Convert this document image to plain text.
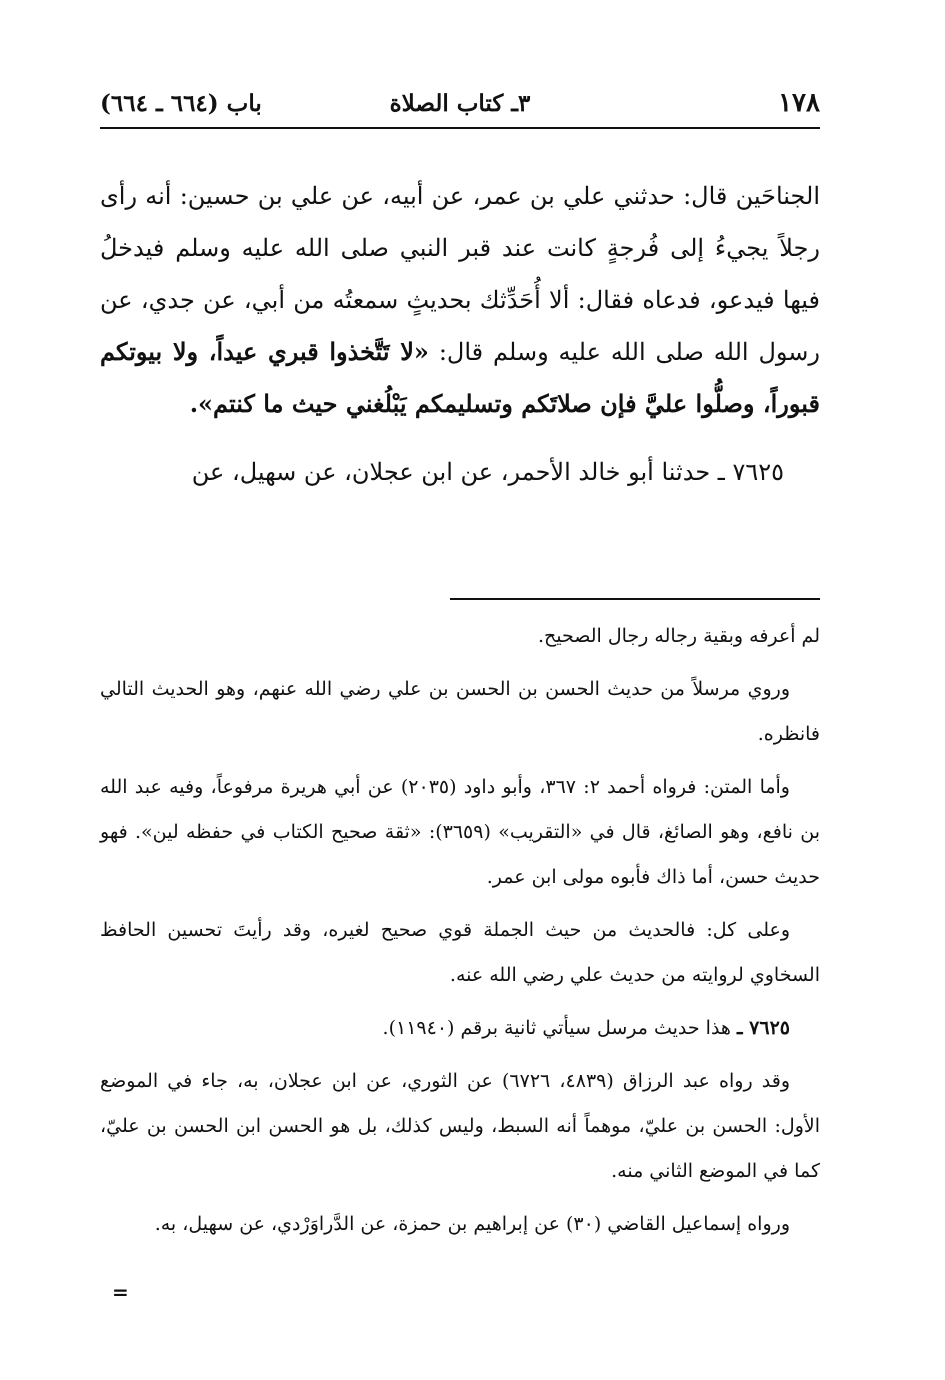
١٧٨
٣ـ كتاب الصلاة
باب (٦٦٤ ـ ٦٦٤)

الجناحَين قال: حدثني علي بن عمر، عن أبيه، عن علي بن حسين: أنه رأى رجلاً يجيءُ إلى فُرجةٍ كانت عند قبر النبي صلى الله عليه وسلم فيدخلُ فيها فيدعو، فدعاه فقال: ألا أُحَدِّثك بحديثٍ سمعتُه من أبي، عن جدي، عن رسول الله صلى الله عليه وسلم قال: «لا تَتَّخذوا قبري عيداً، ولا بيوتكم قبوراً، وصلُّوا عليَّ فإن صلاتَكم وتسليمكم يَبْلُغني حيث ما كنتم».

٧٦٢٥ ـ حدثنا أبو خالد الأحمر، عن ابن عجلان، عن سهيل، عن

لم أعرفه وبقية رجاله رجال الصحيح.

وروي مرسلاً من حديث الحسن بن الحسن بن علي رضي الله عنهم، وهو الحديث التالي فانظره.

وأما المتن: فرواه أحمد ٢: ٣٦٧، وأبو داود (٢٠٣٥) عن أبي هريرة مرفوعاً، وفيه عبد الله بن نافع، وهو الصائغ، قال في «التقريب» (٣٦٥٩): «ثقة صحيح الكتاب في حفظه لين». فهو حديث حسن، أما ذاك فأبوه مولى ابن عمر.

وعلى كل: فالحديث من حيث الجملة قوي صحيح لغيره، وقد رأيتَ تحسين الحافظ السخاوي لروايته من حديث علي رضي الله عنه.

٧٦٢٥ ـ هذا حديث مرسل سيأتي ثانية برقم (١١٩٤٠).

وقد رواه عبد الرزاق (٤٨٣٩، ٦٧٢٦) عن الثوري، عن ابن عجلان، به، جاء في الموضع الأول: الحسن بن عليّ، موهماً أنه السبط، وليس كذلك، بل هو الحسن ابن الحسن بن عليّ، كما في الموضع الثاني منه.

ورواه إسماعيل القاضي (٣٠) عن إبراهيم بن حمزة، عن الدَّراوَرْدي، عن سهيل، به.

=
